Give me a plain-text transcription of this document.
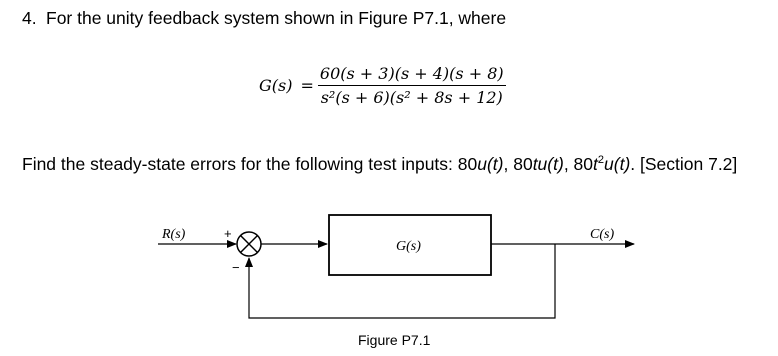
4. For the unity feedback system shown in Figure P7.1, where
$G(s) = \frac{60(s + 3)(s + 4)(s + 8)}{\text{s²(s + 6)(s² + 8s + 12)}}$
Find the steady-state errors for the following test inputs: 80u(t), 80tu(t), $80t^2u(t)$. [Section 7.2]
R(s)	+
G(s)
C(s)
−
Figure P7.1
